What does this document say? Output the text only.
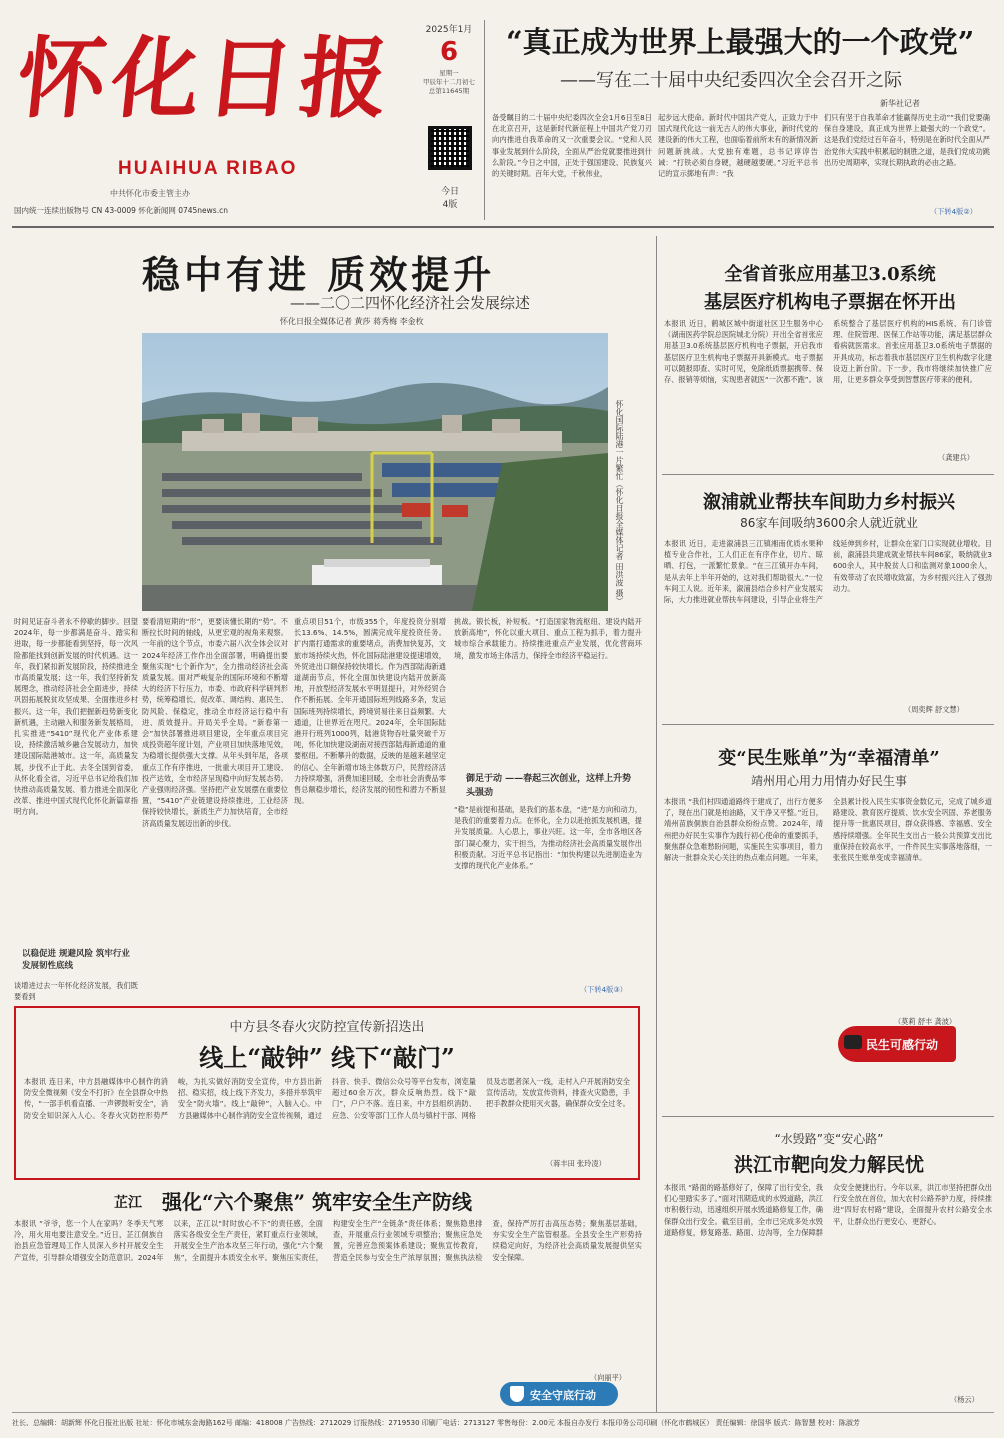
怀化日报
HUAIHUA RIBAO
中共怀化市委主管主办
国内统一连续出版物号 CN 43-0009 怀化新闻网 0745news.cn
2025年1月
6
星期一
甲辰年十二月初七
总第11645期
今日
4版
“真正成为世界上最强大的一个政党”
——写在二十届中央纪委四次全会召开之际
新华社记者
备受瞩目的二十届中央纪委四次全会1月6日至8日在北京召开，这是新时代新征程上中国共产党刀刃向内推进自我革命的又一次重要会议。“党和人民事业发展到什么阶段，全面从严治党就要推进到什么阶段。”今日之中国，正处于强国建设、民族复兴的关键时期。百年大党，千秋伟业，
起步远大使命。新时代中国共产党人，正致力于中国式现代化这一前无古人的伟大事业，新时代党的建设新的伟大工程，也面临着前所未有的新情况新问题新挑战。大党独有难题，总书记谆谆告诫：“打铁必须自身硬，越硬越要硬。”习近平总书记的宣示掷地有声：“我
们只有坚于自我革命才能赢得历史主动”“我们党要确保自身建设，真正成为世界上最强大的一个政党”。这是我们党经过百年奋斗，特别是在新时代全面从严治党伟大实践中积累起的制胜之道，是我们党成功跳出历史周期率，实现长期执政的必由之路。
（下转4版②）
稳中有进 质效提升
——二〇二四怀化经济社会发展综述
怀化日报全媒体记者 黄莎 蒋秀梅 李金枚
怀化国际陆港一片繁忙（怀化日报全媒体记者 田洪波 摄）
时间见证奋斗者永不停歇的脚步。回望2024年，每一步都满是奋斗、踏实和进取，每一步都能看到坚持，每一次风险都能找到创新发展的时代机遇。这一年，我们紧扣新发展阶段，持续推进全市高质量发展；这一年，我们坚持新发展理念，推动经济社会全面进步，持续巩固拓展脱贫攻坚成果、全面推进乡村振兴。这一年，我们把握新趋势新变化新机遇，主动融入和服务新发展格局，扎实推进“5410”现代化产业体系建设，持续激活城乡融合发展动力，加快建设国际陆港城市。这一年，高质量发展，步伐不止于此。去冬全国到省委，从怀化看全省，习近平总书记给我们加快推动高质量发展、着力推进全面深化改革、推进中国式现代化怀化新篇章指明方向。
以稳促进 规避风险 筑牢行业发展韧性底线
谈增进过去一年怀化经济发展，我们既要看到
要看清短期的“形”，更要读懂长期的“势”。不断拉长时间的轴线，从更宏观的视角来观察。一年前的这个节点，市委六届八次全体会议对2024年经济工作作出全面部署，明确提出要聚焦实现“七个新作为”，全力推动经济社会高质量发展。面对严峻复杂的国际环境和不断增大的经济下行压力，市委、市政府科学研判形势，统筹稳增长、促改革、调结构、惠民生、防风险、保稳定，推动全市经济运行稳中有进、质效提升。开局关乎全局。“新春第一会”加快部署推进项目建设，全年重点项目完成投资超年度计划，产业项目加快落地见效，为稳增长提供强大支撑。从年头到年尾，各项重点工作有序推进，一批重大项目开工建设、投产达效，全市经济呈现稳中向好发展态势。产业强则经济强。坚持把产业发展摆在重要位置，“5410”产业链建设持续推进，工业经济保持较快增长，新质生产力加快培育，全市经济高质量发展迈出新的步伐。
重点项目51个，市级355个，年度投资分别增长13.6%、14.5%，圆满完成年度投资任务。扩内需打通需求的重要堵点，消费加快复苏，文旅市场持续火热，怀化国际陆港建设提速增效，外贸进出口额保持较快增长。作为西部陆海新通道湖南节点，怀化全面加快建设内陆开放新高地，开放型经济发展水平明显提升，对外经贸合作不断拓展。全年开通国际班列线路多条，发运国际班列持续增长，跨境贸易往来日益频繁。大通道，让世界近在咫尺。2024年，全年国际陆港开行班列1000列，陆港货物吞吐量突破千万吨，怀化加快建设湖南对接西部陆海新通道的重要枢纽。不断攀升的数据，反映的是越来越坚定的信心。全年新增市场主体数万户，民营经济活力持续增强，消费加速回暖，全市社会消费品零售总额稳步增长，经济发展的韧性和潜力不断显现。
挑战。锻长板，补短板。“打造国家物流枢纽、建设内陆开放新高地”，怀化以重大项目、重点工程为抓手，着力提升城市综合承载能力。持续推进重点产业发展，优化营商环境，激发市场主体活力，保持全市经济平稳运行。
御足于动 ——春起三次创业，这样上升势头强劲
“稳”是前提和基础，是我们的基本盘，“进”是方向和动力，是我们的重要着力点。在怀化，全力以赴抢抓发展机遇，提升发展质量。人心思上，事业兴旺。这一年，全市各地区各部门凝心聚力，实干担当，为推动经济社会高质量发展作出积极贡献。习近平总书记指出：“加快构建以先进制造业为支撑的现代化产业体系。”
（下转4版③）
中方县冬春火灾防控宣传新招迭出
线上“敲钟” 线下“敲门”
本报讯 连日来，中方县融媒体中心制作的消防安全微视频《安全不打折》在全县群众中热传，“一部手机看直播、一声锣鼓听安全”，消防安全知识深入人心。冬春火灾防控形势严峻，为扎实做好消防安全宣传，中方县出新招、稳实招，线上线下齐发力，多措并举筑牢安全“防火墙”。线上“敲钟”，入脑入心。中方县融媒体中心制作消防安全宣传视频，通过抖音、快手、微信公众号等平台发布，浏览量超过60余万次，群众反响热烈。线下“敲门”，户户不落。连日来，中方县组织消防、应急、公安等部门工作人员与镇村干部、网格员及志愿者深入一线，走村入户开展消防安全宣传活动，发放宣传资料，排查火灾隐患，手把手教群众使用灭火器，确保群众安全过冬。
（蒋丰田 张玲凌）
芷江 强化“六个聚焦” 筑牢安全生产防线
本报讯 “爷爷，您一个人在家吗？冬季天气寒冷，用火用电要注意安全。”近日，芷江侗族自治县应急管理局工作人员深入乡村开展安全生产宣传，引导群众增强安全防范意识。2024年以来，芷江以“时时放心不下”的责任感，全面落实各级安全生产责任，紧盯重点行业领域，开展安全生产治本攻坚三年行动，强化“六个聚焦”，全面提升本质安全水平。聚焦压实责任，构建安全生产“全链条”责任体系；聚焦隐患排查，开展重点行业领域专项整治；聚焦应急处置，完善应急预案体系建设；聚焦宣传教育，营造全民参与安全生产浓厚氛围；聚焦执法检查，保持严厉打击高压态势；聚焦基层基础，夯实安全生产监管根基。全县安全生产形势持续稳定向好，为经济社会高质量发展提供坚实安全保障。
（向丽平）
安全守底行动
全省首张应用基卫3.0系统
基层医疗机构电子票据在怀开出
本报讯 近日，鹤城区城中街道社区卫生服务中心（湖南医药学院总医院城北分院）开出全省首张应用基卫3.0系统基层医疗机构电子票据，开启我市基层医疗卫生机构电子票据开具新模式。电子票据可以随报即查、实时可见，免除纸质票据携带、保存、报销等烦恼，实现患者就医“一次都不跑”。该系统整合了基层医疗机构的HIS系统、有门诊管理、住院管理、医保工作站等功能，满足基层群众看病就医需求。首张应用基卫3.0系统电子票据的开具成功，标志着我市基层医疗卫生机构数字化建设迈上新台阶。下一步，我市将继续加快推广应用，让更多群众享受到智慧医疗带来的便利。
（龚建兵）
溆浦就业帮扶车间助力乡村振兴
86家车间吸纳3600余人就近就业
本报讯 近日，走进溆浦县三江镇湘南优质水果种植专业合作社，工人们正在有序作业，切片、晾晒、打包，一派繁忙景象。“在三江镇开办车间，是从去年上半年开始的，这对我们帮助很大。”一位车间工人说。近年来，溆浦县结合乡村产业发展实际，大力推进就业帮扶车间建设，引导企业将生产线延伸到乡村，让群众在家门口实现就业增收。目前，溆浦县共建成就业帮扶车间86家，吸纳就业3600余人，其中脱贫人口和监测对象1000余人，有效带动了农民增收致富，为乡村振兴注入了强劲动力。
（周奕辉 舒文慧）
变“民生账单”为“幸福清单”
靖州用心用力用情办好民生事
本报讯 “我们村四通道路终于建成了，出行方便多了，现在出门就是柏油路，又干净又平整。”近日，靖州苗族侗族自治县群众纷纷点赞。2024年，靖州把办好民生实事作为践行初心使命的重要抓手，聚焦群众急难愁盼问题，实施民生实事项目，着力解决一批群众关心关注的热点难点问题。一年来，全县累计投入民生实事资金数亿元，完成了城乡道路建设、教育医疗提质、饮水安全巩固、养老服务提升等一批惠民项目，群众获得感、幸福感、安全感持续增强。全年民生支出占一般公共预算支出比重保持在较高水平，一件件民生实事落地落细，一张张民生账单变成幸福清单。
（莫莉 舒丰 龚波）
民生可感行动
“水毁路”变“安心路”
洪江市靶向发力解民忧
本报讯 “路面的路基修好了，保障了出行安全，我们心里踏实多了。”面对汛期造成的水毁道路，洪江市积极行动，迅速组织开展水毁道路修复工作，确保群众出行安全。截至目前，全市已完成多处水毁道路修复，修复路基、路面、边沟等，全力保障群众安全便捷出行。今年以来，洪江市坚持把群众出行安全放在首位，加大农村公路养护力度，持续推进“四好农村路”建设，全面提升农村公路安全水平，让群众出行更安心、更舒心。
（杨云）
社长、总编辑：胡新辉 怀化日报社出版 社址：怀化市城东金海路162号 邮编：418008 广告热线：2712029 订报热线：2719530 印刷厂电话：2713127 零售每份：2.00元 本报自办发行 本报印务公司印刷（怀化市鹤城区） 责任编辑：徐国华 版式：陈智慧 校对：陈淑芳
